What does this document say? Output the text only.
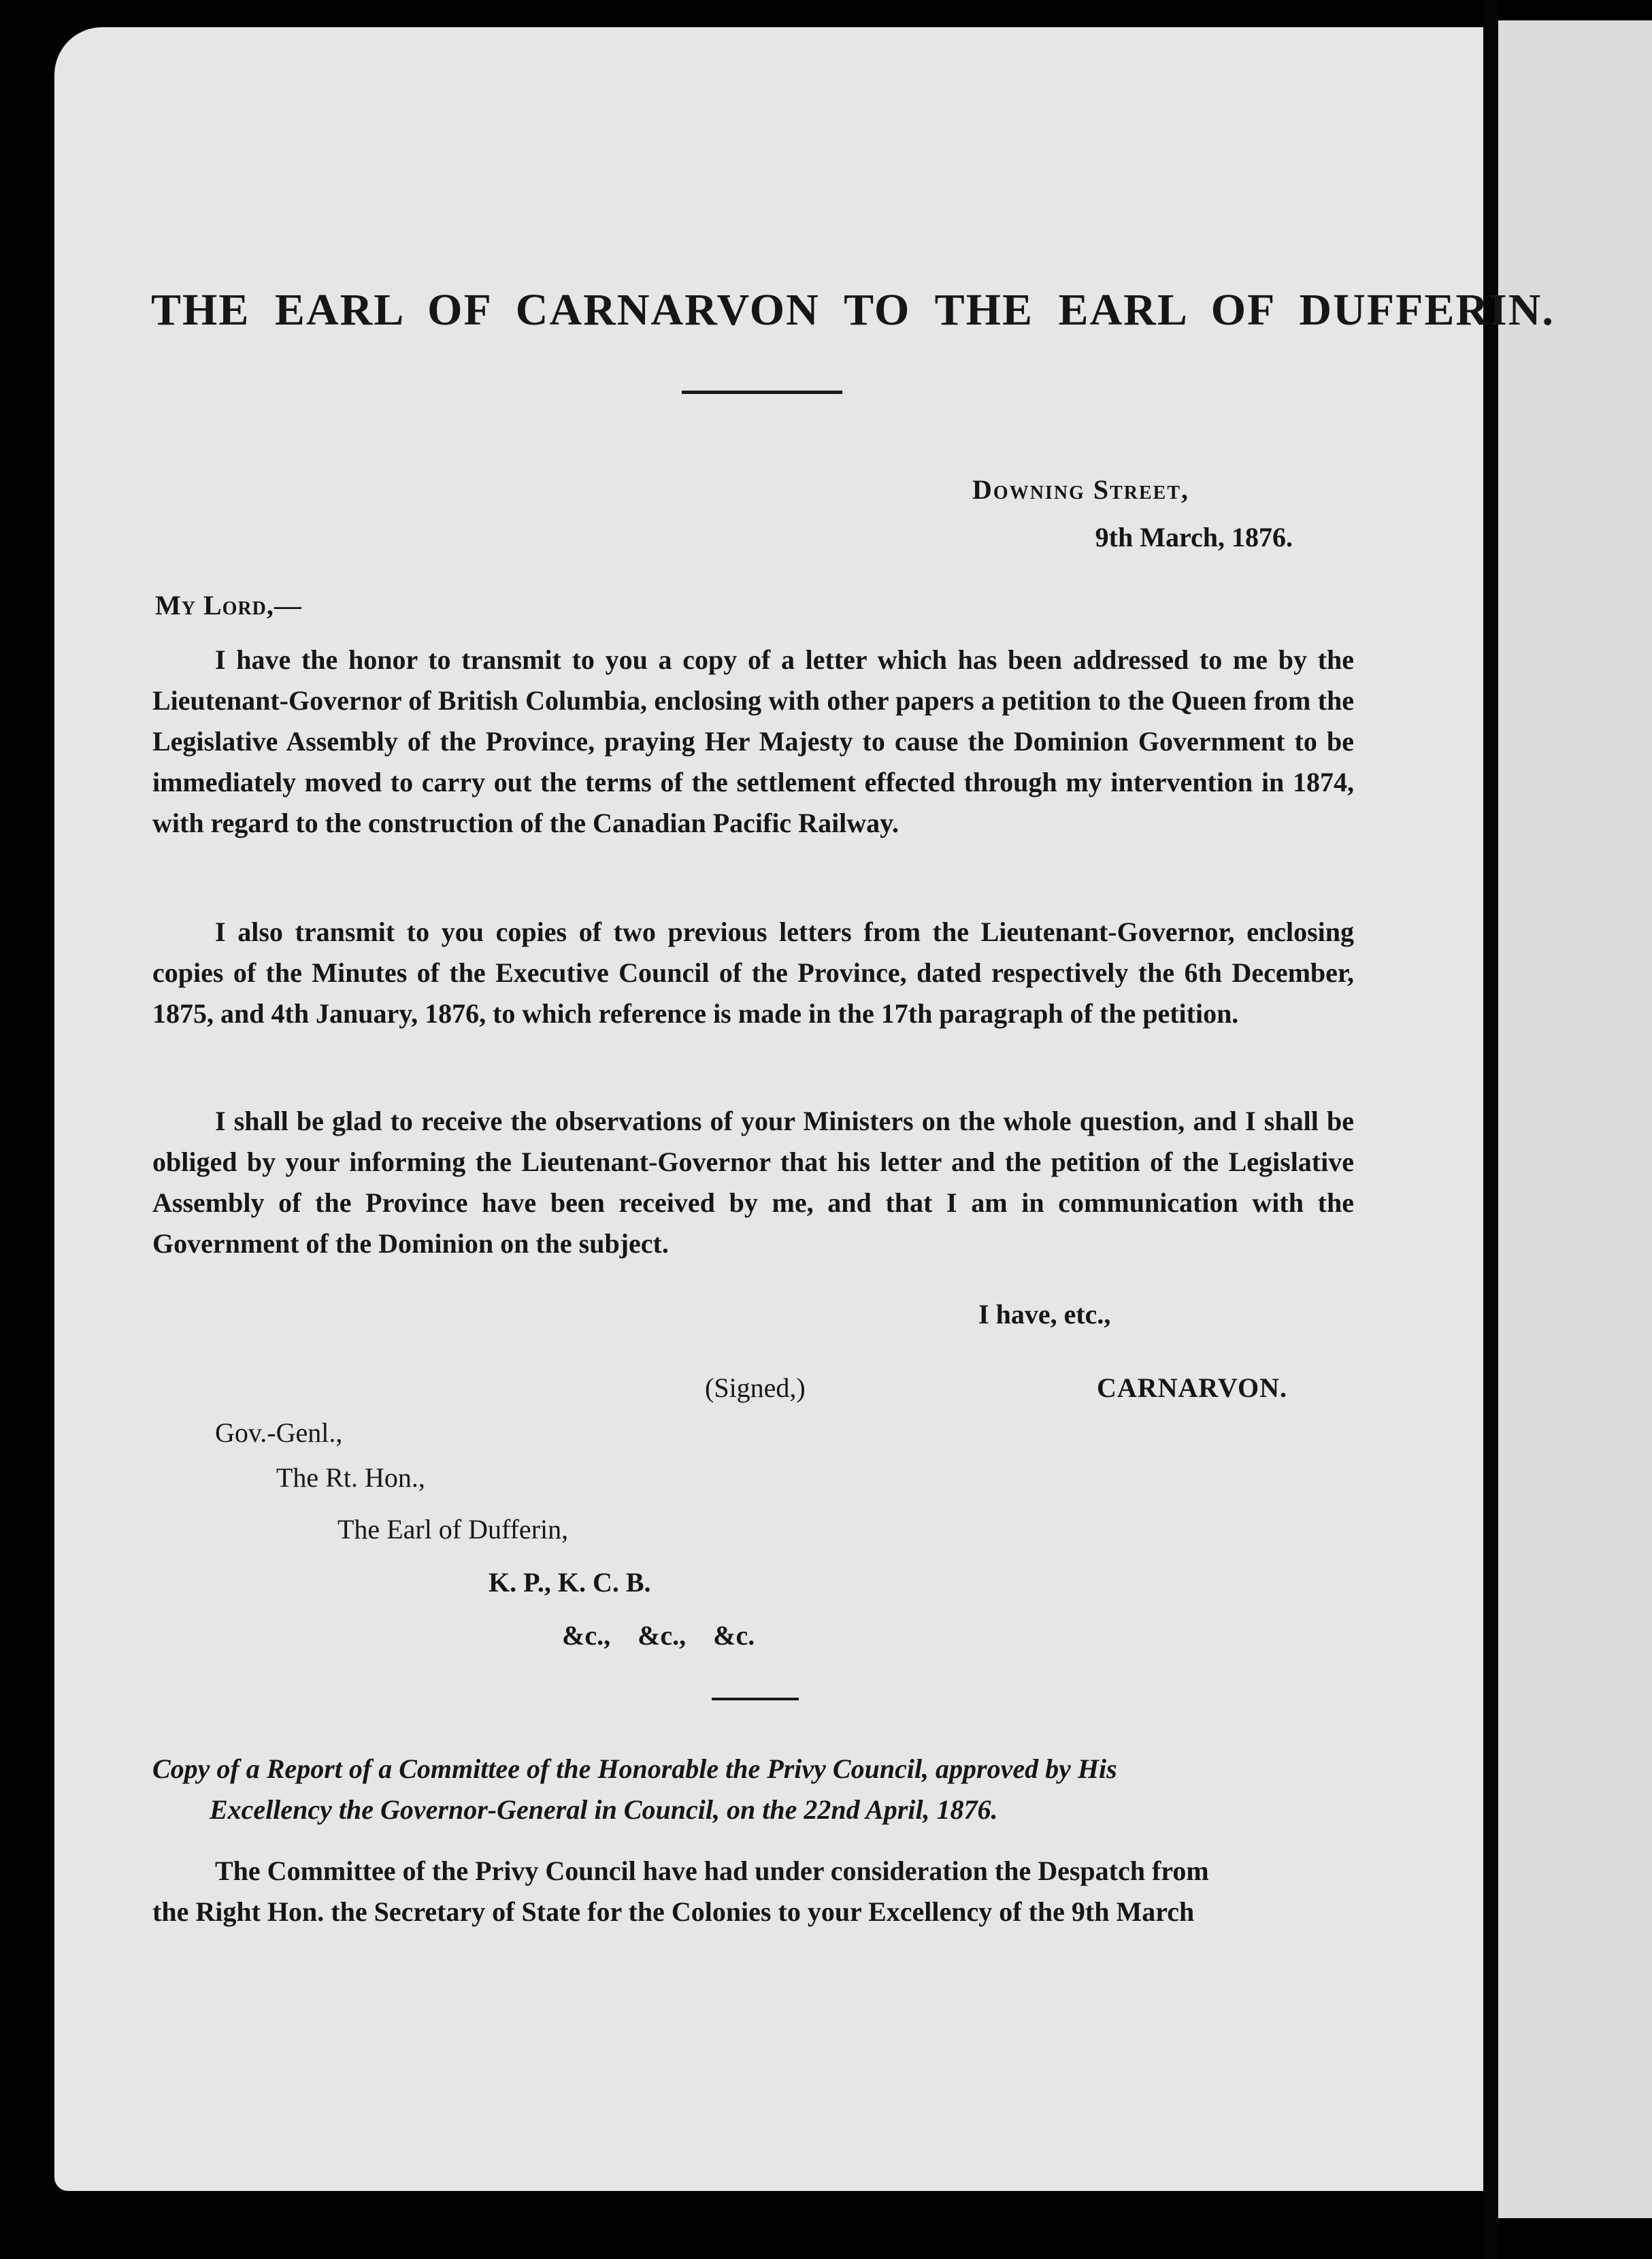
THE EARL OF CARNARVON TO THE EARL OF DUFFERIN.
Downing Street,
9th March, 1876.
My Lord,—

I have the honor to transmit to you a copy of a letter which has been addressed to me by the Lieutenant-Governor of British Columbia, enclosing with other papers a petition to the Queen from the Legislative Assembly of the Province, praying Her Majesty to cause the Dominion Government to be immediately moved to carry out the terms of the settlement effected through my intervention in 1874, with regard to the construction of the Canadian Pacific Railway.

I also transmit to you copies of two previous letters from the Lieutenant-Governor, enclosing copies of the Minutes of the Executive Council of the Province, dated respectively the 6th December, 1875, and 4th January, 1876, to which reference is made in the 17th paragraph of the petition.

I shall be glad to receive the observations of your Ministers on the whole question, and I shall be obliged by your informing the Lieutenant-Governor that his letter and the petition of the Legislative Assembly of the Province have been received by me, and that I am in communication with the Government of the Dominion on the subject.

I have, etc.,
(Signed,)	CARNARVON.
Gov.-Genl.,
The Rt. Hon.,
The Earl of Dufferin,
K. P., K. C. B.
&c., &c., &c.

Copy of a Report of a Committee of the Honorable the Privy Council, approved by His
Excellency the Governor-General in Council, on the 22nd April, 1876.

The Committee of the Privy Council have had under consideration the Despatch from
the Right Hon. the Secretary of State for the Colonies to your Excellency of the 9th March
